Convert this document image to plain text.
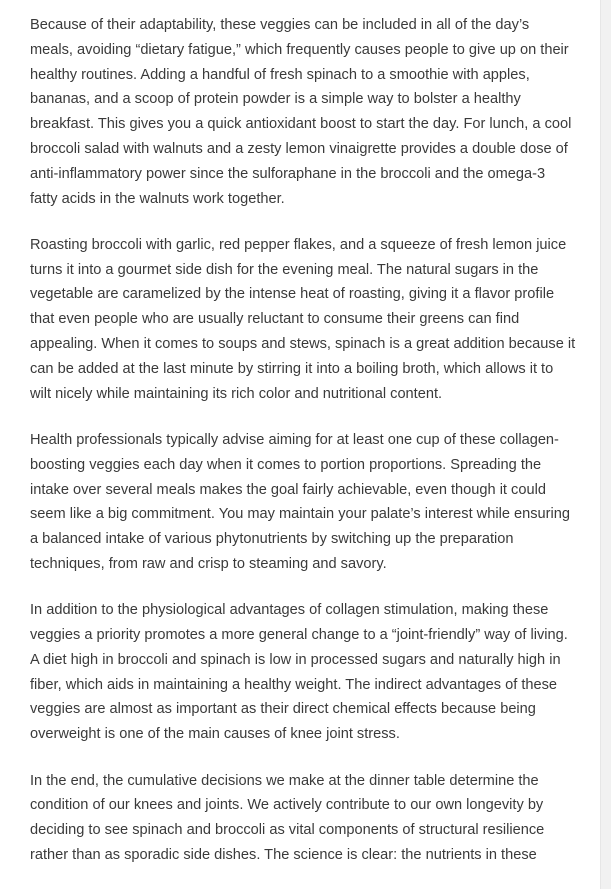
Because of their adaptability, these veggies can be included in all of the day’s meals, avoiding “dietary fatigue,” which frequently causes people to give up on their healthy routines. Adding a handful of fresh spinach to a smoothie with apples, bananas, and a scoop of protein powder is a simple way to bolster a healthy breakfast. This gives you a quick antioxidant boost to start the day. For lunch, a cool broccoli salad with walnuts and a zesty lemon vinaigrette provides a double dose of anti-inflammatory power since the sulforaphane in the broccoli and the omega-3 fatty acids in the walnuts work together.

Roasting broccoli with garlic, red pepper flakes, and a squeeze of fresh lemon juice turns it into a gourmet side dish for the evening meal. The natural sugars in the vegetable are caramelized by the intense heat of roasting, giving it a flavor profile that even people who are usually reluctant to consume their greens can find appealing. When it comes to soups and stews, spinach is a great addition because it can be added at the last minute by stirring it into a boiling broth, which allows it to wilt nicely while maintaining its rich color and nutritional content.

Health professionals typically advise aiming for at least one cup of these collagen-boosting veggies each day when it comes to portion proportions. Spreading the intake over several meals makes the goal fairly achievable, even though it could seem like a big commitment. You may maintain your palate’s interest while ensuring a balanced intake of various phytonutrients by switching up the preparation techniques, from raw and crisp to steaming and savory.

In addition to the physiological advantages of collagen stimulation, making these veggies a priority promotes a more general change to a “joint-friendly” way of living. A diet high in broccoli and spinach is low in processed sugars and naturally high in fiber, which aids in maintaining a healthy weight. The indirect advantages of these veggies are almost as important as their direct chemical effects because being overweight is one of the main causes of knee joint stress.

In the end, the cumulative decisions we make at the dinner table determine the condition of our knees and joints. We actively contribute to our own longevity by deciding to see spinach and broccoli as vital components of structural resilience rather than as sporadic side dishes. The science is clear: the nutrients in these
